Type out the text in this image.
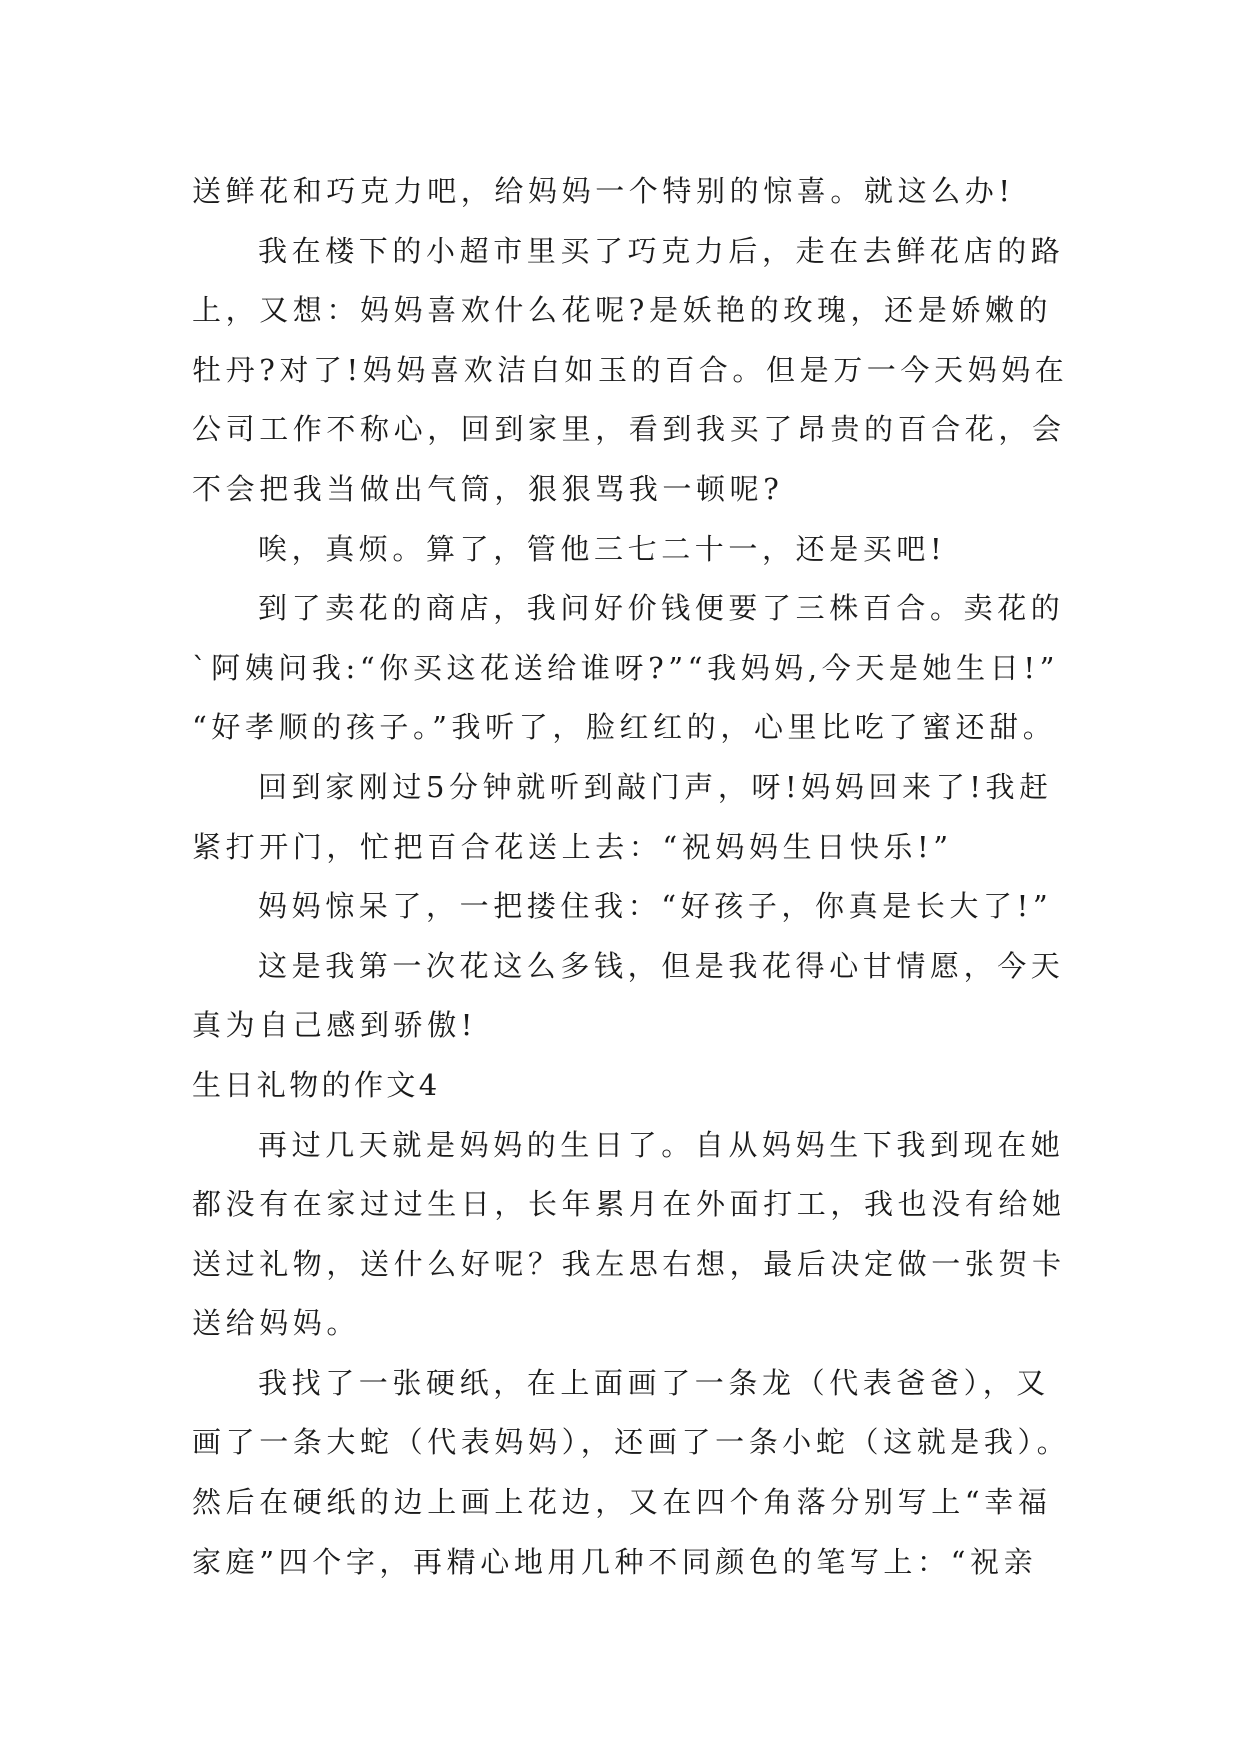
送鲜花和巧克力吧，给妈妈一个特别的惊喜。就这么办!
我在楼下的小超市里买了巧克力后，走在去鲜花店的路
上，又想：妈妈喜欢什么花呢?是妖艳的玫瑰，还是娇嫩的
牡丹?对了!妈妈喜欢洁白如玉的百合。但是万一今天妈妈在
公司工作不称心，回到家里，看到我买了昂贵的百合花，会
不会把我当做出气筒，狠狠骂我一顿呢?
唉，真烦。算了，管他三七二十一，还是买吧!
到了卖花的商店，我问好价钱便要了三株百合。卖花的
`阿姨问我:“你买这花送给谁呀?”“我妈妈,今天是她生日!”
“好孝顺的孩子。”我听了，脸红红的，心里比吃了蜜还甜。
回到家刚过5分钟就听到敲门声，呀!妈妈回来了!我赶
紧打开门，忙把百合花送上去：“祝妈妈生日快乐!”
妈妈惊呆了，一把搂住我：“好孩子，你真是长大了!”
这是我第一次花这么多钱，但是我花得心甘情愿，今天
真为自己感到骄傲!
生日礼物的作文4
再过几天就是妈妈的生日了。自从妈妈生下我到现在她
都没有在家过过生日，长年累月在外面打工，我也没有给她
送过礼物，送什么好呢？我左思右想，最后决定做一张贺卡
送给妈妈。
我找了一张硬纸，在上面画了一条龙（代表爸爸），又
画了一条大蛇（代表妈妈），还画了一条小蛇（这就是我）。
然后在硬纸的边上画上花边，又在四个角落分别写上“幸福
家庭”四个字，再精心地用几种不同颜色的笔写上：“祝亲
